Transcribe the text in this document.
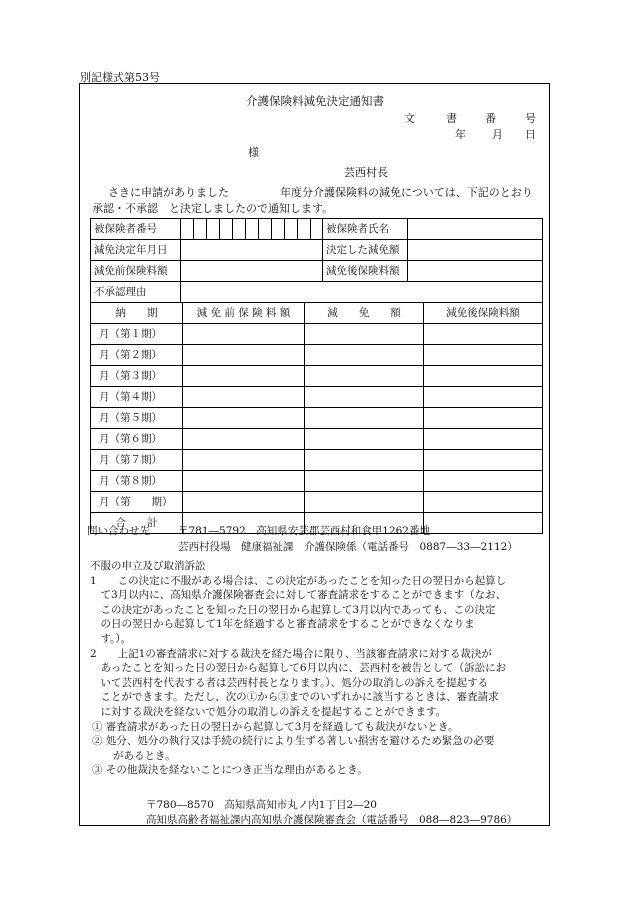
別記様式第53号
介護保険料減免決定通知書
文	書	番	号
年 月 日
様
芸西村長
さきに申請がありました	年度分介護保険料の減免については、下記のとおり
承認・不承認　と決定しましたので通知します。
被保険者番号												被保険者氏名	
減免決定年月日												決定した減免額	
減免前保険料額												減免後保険料額	
不承認理由													
納　　期	減 免 前 保 険 料 額	減　　免　　額	減免後保険料額
月（第１期）			
月（第２期）			
月（第３期）			
月（第４期）			
月（第５期）			
月（第６期）			
月（第７期）			
月（第８期）			
月（第　　期）			
合　　計			
問い合わせ先	〒781―5792　高知県安芸郡芸西村和食甲1262番地
芸西村役場　健康福祉課　介護保険係（電話番号　0887―33―2112）
不服の申立及び取消訴訟
1　　この決定に不服がある場合は、この決定があったことを知った日の翌日から起算し
　て3月以内に、高知県介護保険審査会に対して審査請求をすることができます（なお、
　この決定があったことを知った日の翌日から起算して3月以内であっても、この決定
　の日の翌日から起算して1年を経過すると審査請求をすることができなくなりま
　す。）。
2　　上記1の審査請求に対する裁決を経た場合に限り、当該審査請求に対する裁決が
　あったことを知った日の翌日から起算して6月以内に、芸西村を被告として（訴訟にお
　いて芸西村を代表する者は芸西村長となります。）、処分の取消しの訴えを提起する
　ことができます。ただし、次の①から③までのいずれかに該当するときは、審査請求
　に対する裁決を経ないで処分の取消しの訴えを提起することができます。
① 審査請求があった日の翌日から起算して3月を経過しても裁決がないとき。
② 処分、処分の執行又は手続の続行により生ずる著しい損害を避けるため緊急の必要
　　があるとき。
③ その他裁決を経ないことにつき正当な理由があるとき。
〒780―8570　高知県高知市丸ノ内1丁目2―20
高知県高齢者福祉課内高知県介護保険審査会（電話番号　088―823―9786）
